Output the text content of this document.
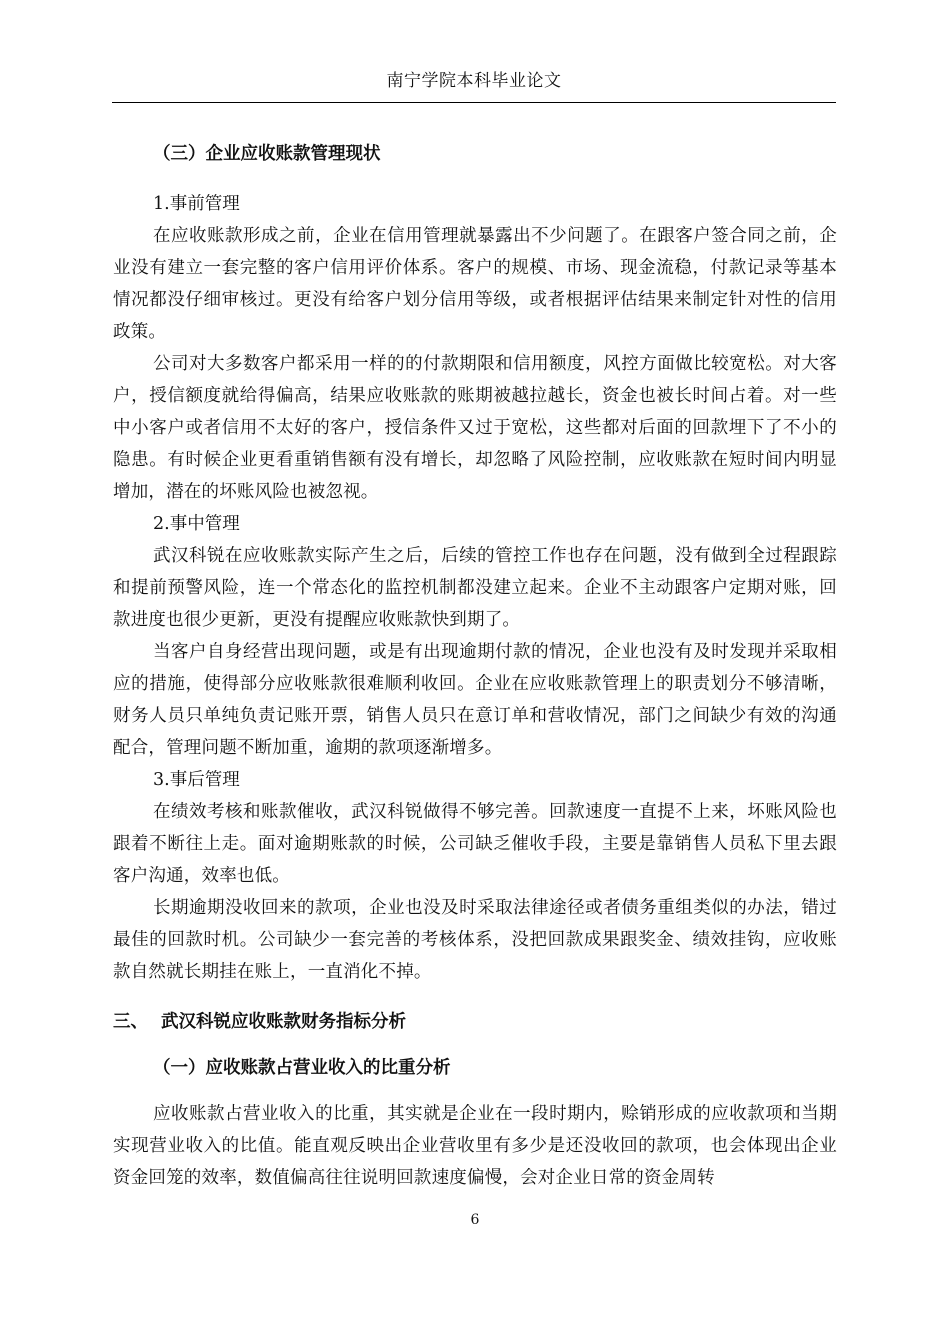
南宁学院本科毕业论文
（三）企业应收账款管理现状
1.事前管理

在应收账款形成之前，企业在信用管理就暴露出不少问题了。在跟客户签合同之前，企业没有建立一套完整的客户信用评价体系。客户的规模、市场、现金流稳，付款记录等基本情况都没仔细审核过。更没有给客户划分信用等级，或者根据评估结果来制定针对性的信用政策。

公司对大多数客户都采用一样的的付款期限和信用额度，风控方面做比较宽松。对大客户，授信额度就给得偏高，结果应收账款的账期被越拉越长，资金也被长时间占着。对一些中小客户或者信用不太好的客户，授信条件又过于宽松，这些都对后面的回款埋下了不小的隐患。有时候企业更看重销售额有没有增长，却忽略了风险控制，应收账款在短时间内明显增加，潜在的坏账风险也被忽视。

2.事中管理

武汉科锐在应收账款实际产生之后，后续的管控工作也存在问题，没有做到全过程跟踪和提前预警风险，连一个常态化的监控机制都没建立起来。企业不主动跟客户定期对账，回款进度也很少更新，更没有提醒应收账款快到期了。

当客户自身经营出现问题，或是有出现逾期付款的情况，企业也没有及时发现并采取相应的措施，使得部分应收账款很难顺利收回。企业在应收账款管理上的职责划分不够清晰，财务人员只单纯负责记账开票，销售人员只在意订单和营收情况，部门之间缺少有效的沟通配合，管理问题不断加重，逾期的款项逐渐增多。

3.事后管理

在绩效考核和账款催收，武汉科锐做得不够完善。回款速度一直提不上来，坏账风险也跟着不断往上走。面对逾期账款的时候，公司缺乏催收手段，主要是靠销售人员私下里去跟客户沟通，效率也低。

长期逾期没收回来的款项，企业也没及时采取法律途径或者债务重组类似的办法，错过最佳的回款时机。公司缺少一套完善的考核体系，没把回款成果跟奖金、绩效挂钩，应收账款自然就长期挂在账上，一直消化不掉。

三、 武汉科锐应收账款财务指标分析
（一）应收账款占营业收入的比重分析

应收账款占营业收入的比重，其实就是企业在一段时期内，赊销形成的应收款项和当期实现营业收入的比值。能直观反映出企业营收里有多少是还没收回的款项，也会体现出企业资金回笼的效率，数值偏高往往说明回款速度偏慢，会对企业日常的资金周转

6
